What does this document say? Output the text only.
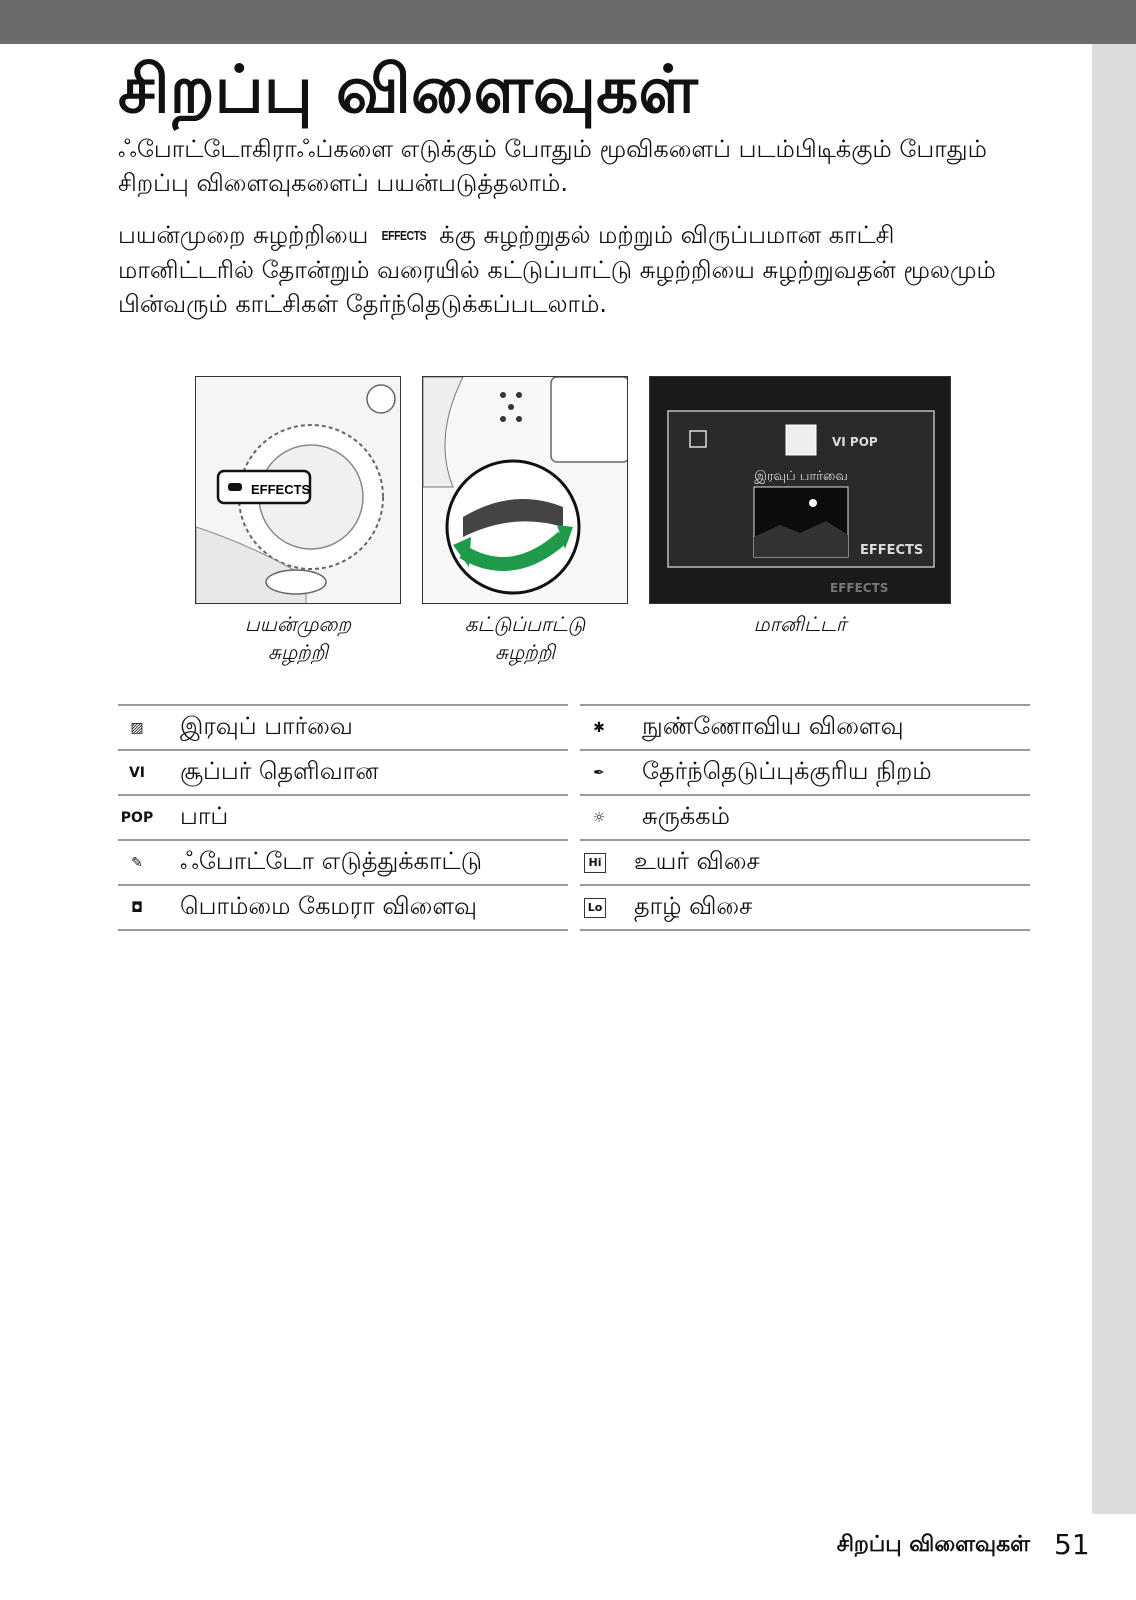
சிறப்பு விளைவுகள்

ஃபோட்டோகிராஃப்களை எடுக்கும் போதும் மூவிகளைப் படம்பிடிக்கும் போதும் சிறப்பு விளைவுகளைப் பயன்படுத்தலாம்.

பயன்முறை சுழற்றியை EFFECTS க்கு சுழற்றுதல் மற்றும் விருப்பமான காட்சி மானிட்டரில் தோன்றும் வரையில் கட்டுப்பாட்டு சுழற்றியை சுழற்றுவதன் மூலமும் பின்வரும் காட்சிகள் தேர்ந்தெடுக்கப்படலாம்.

EFFECTS
VI POP
இரவுப் பார்வை
EFFECTS
EFFECTS
பயன்முறை
சுழற்றி
கட்டுப்பாட்டு
சுழற்றி
மானிட்டர்
▨	இரவுப் பார்வை
VI சூப்பர் தெளிவான
POP பாப்
✎	ஃபோட்டோ எடுத்துக்காட்டு
◘	பொம்மை கேமரா விளைவு
✱	நுண்ணோவிய விளைவு
✒	தேர்ந்தெடுப்புக்குரிய நிறம்
☼	சுருக்கம்
Hi உயர் விசை
Lo தாழ் விசை
சிறப்பு விளைவுகள் 51
